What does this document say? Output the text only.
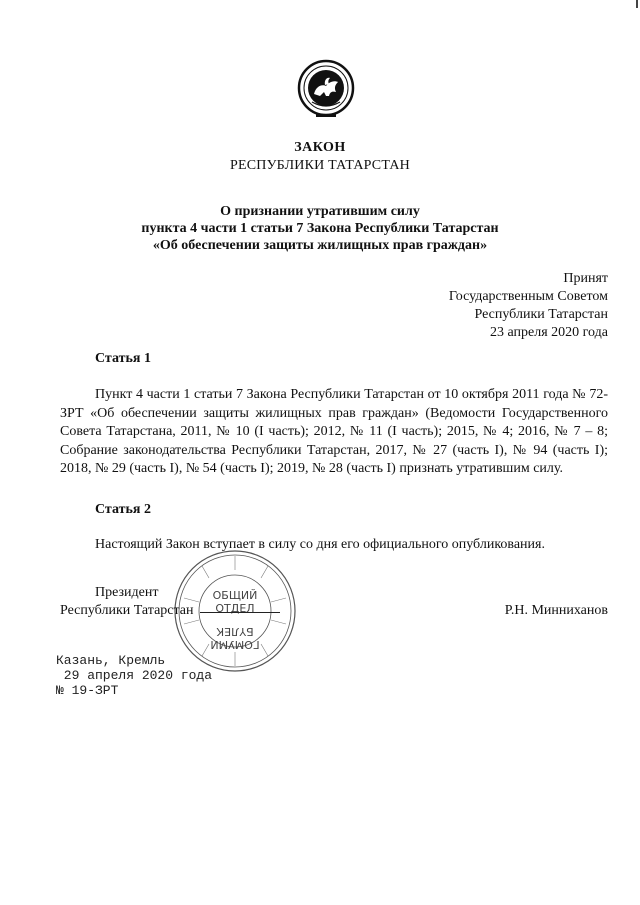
ЗАКОН
РЕСПУБЛИКИ ТАТАРСТАН
О признании утратившим силу
пункта 4 части 1 статьи 7 Закона Республики Татарстан
«Об обеспечении защиты жилищных прав граждан»
Принят
Государственным Советом
Республики Татарстан
23 апреля 2020 года
Статья 1

Пункт 4 части 1 статьи 7 Закона Республики Татарстан от 10 октября 2011 года № 72-ЗРТ «Об обеспечении защиты жилищных прав граждан» (Ведомости Государственного Совета Татарстана, 2011, № 10 (I часть); 2012, № 11 (I часть); 2015, № 4; 2016, № 7 – 8; Собрание законодательства Республики Татарстан, 2017, № 27 (часть I), № 94 (часть I); 2018, № 29 (часть I), № 54 (часть I); 2019, № 28 (часть I) признать утратившим силу.

Статья 2
Настоящий Закон вступает в силу со дня его официального опубликования.
ОБЩИЙ
ОТДЕЛ
БҮЛЕК
ГОМУМИ
Президент
Республики Татарстан	Р.Н. Минниханов
Казань, Кремль
29 апреля 2020 года
№ 19-ЗРТ
